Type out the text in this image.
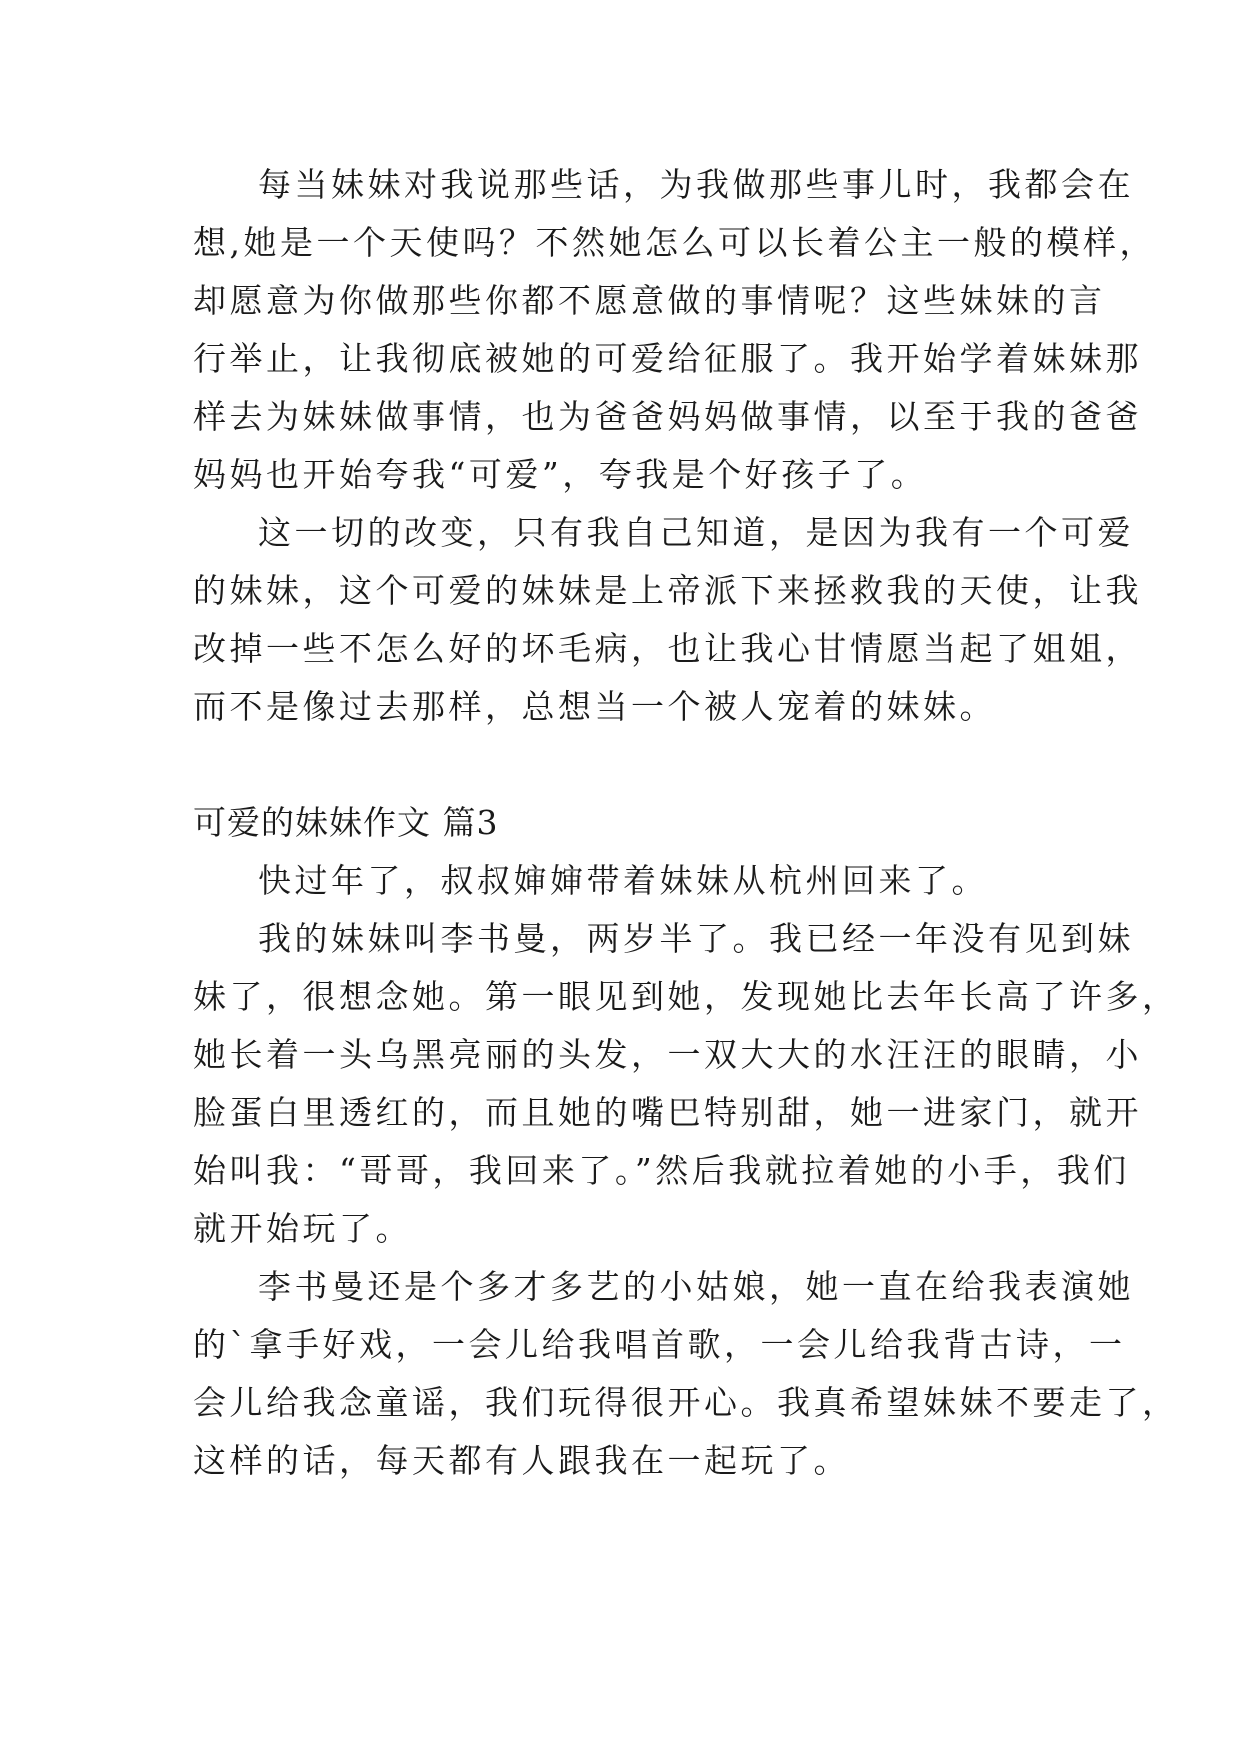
每当妹妹对我说那些话，为我做那些事儿时，我都会在
想,她是一个天使吗？不然她怎么可以长着公主一般的模样，
却愿意为你做那些你都不愿意做的事情呢？这些妹妹的言
行举止，让我彻底被她的可爱给征服了。我开始学着妹妹那
样去为妹妹做事情，也为爸爸妈妈做事情，以至于我的爸爸
妈妈也开始夸我“可爱”，夸我是个好孩子了。
这一切的改变，只有我自己知道，是因为我有一个可爱
的妹妹，这个可爱的妹妹是上帝派下来拯救我的天使，让我
改掉一些不怎么好的坏毛病，也让我心甘情愿当起了姐姐，
而不是像过去那样，总想当一个被人宠着的妹妹。
可爱的妹妹作文 篇3
快过年了，叔叔婶婶带着妹妹从杭州回来了。
我的妹妹叫李书曼，两岁半了。我已经一年没有见到妹
妹了，很想念她。第一眼见到她，发现她比去年长高了许多，
她长着一头乌黑亮丽的头发，一双大大的水汪汪的眼睛，小
脸蛋白里透红的，而且她的嘴巴特别甜，她一进家门，就开
始叫我：“哥哥，我回来了。”然后我就拉着她的小手，我们
就开始玩了。
李书曼还是个多才多艺的小姑娘，她一直在给我表演她
的`拿手好戏，一会儿给我唱首歌，一会儿给我背古诗，一
会儿给我念童谣，我们玩得很开心。我真希望妹妹不要走了，
这样的话，每天都有人跟我在一起玩了。
